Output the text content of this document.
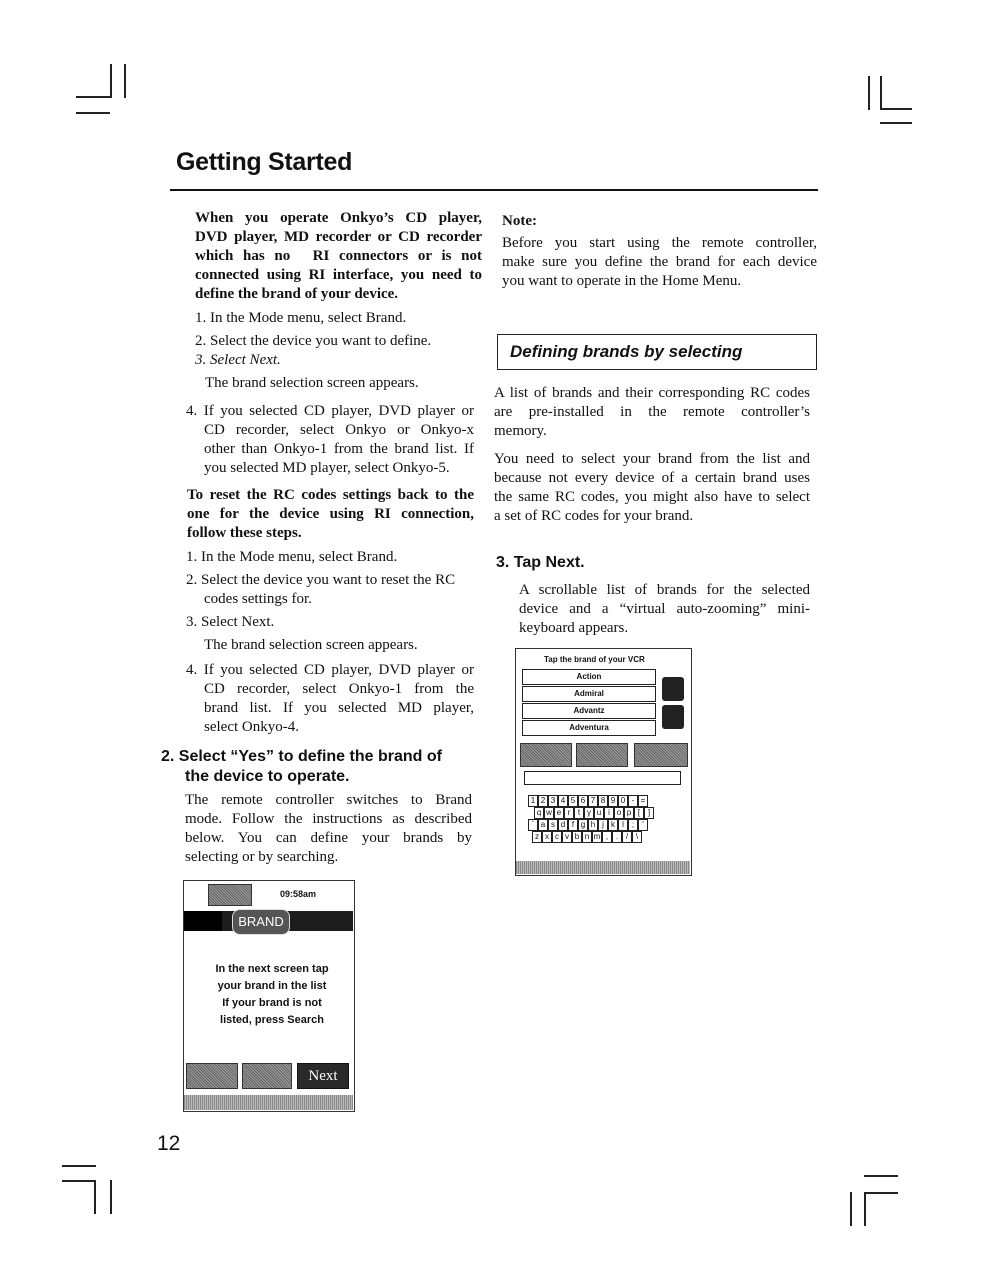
Getting Started
When you operate Onkyo’s CD player,
DVD player, MD recorder or CD recorder
which has no   RI connectors or is not
connected using RI interface, you need to
define the brand of your device.
1. In the Mode menu, select Brand.
2. Select the device you want to define.
3. Select Next.
The brand selection screen appears.
4. If you selected CD player, DVD player or
CD recorder, select Onkyo or Onkyo-x
other than Onkyo-1 from the brand list. If
you selected MD player, select Onkyo-5.
To reset the RC codes settings back to the
one for the device using RI connection,
follow these steps.
1. In the Mode menu, select Brand.
2. Select the device you want to reset the RC
codes settings for.
3. Select Next.
The brand selection screen appears.
4. If you selected CD player, DVD player or
CD recorder, select Onkyo-1 from the
brand list. If you selected MD player,
select Onkyo-4.
2. Select “Yes” to define the brand of
the device to operate.
The remote controller switches to Brand
mode. Follow the instructions as described
below. You can define your brands by
selecting or by searching.
09:58am
BRAND
In the next screen tap
your brand in the list
If your brand is not
listed, press Search
Next
12
Note:
Before you start using the remote controller,
make sure you define the brand for each device
you want to operate in the Home Menu.
Defining brands by selecting
A list of brands and their corresponding RC codes
are pre-installed in the remote controller’s
memory.
You need to select your brand from the list and
because not every device of a certain brand uses
the same RC codes, you might also have to select
a set of RC codes for your brand.
3. Tap Next.
A scrollable list of brands for the selected
device and a “virtual auto-zooming” mini-
keyboard appears.
Tap the brand of your VCR
Action
Admiral
Advantz
Adventura
1 2 3 4 5 6 7 8 9 0 - =
q w e r t y u i o p [ ]
` a s d f g h j k l ;	'
z x c v b n m , . / \
